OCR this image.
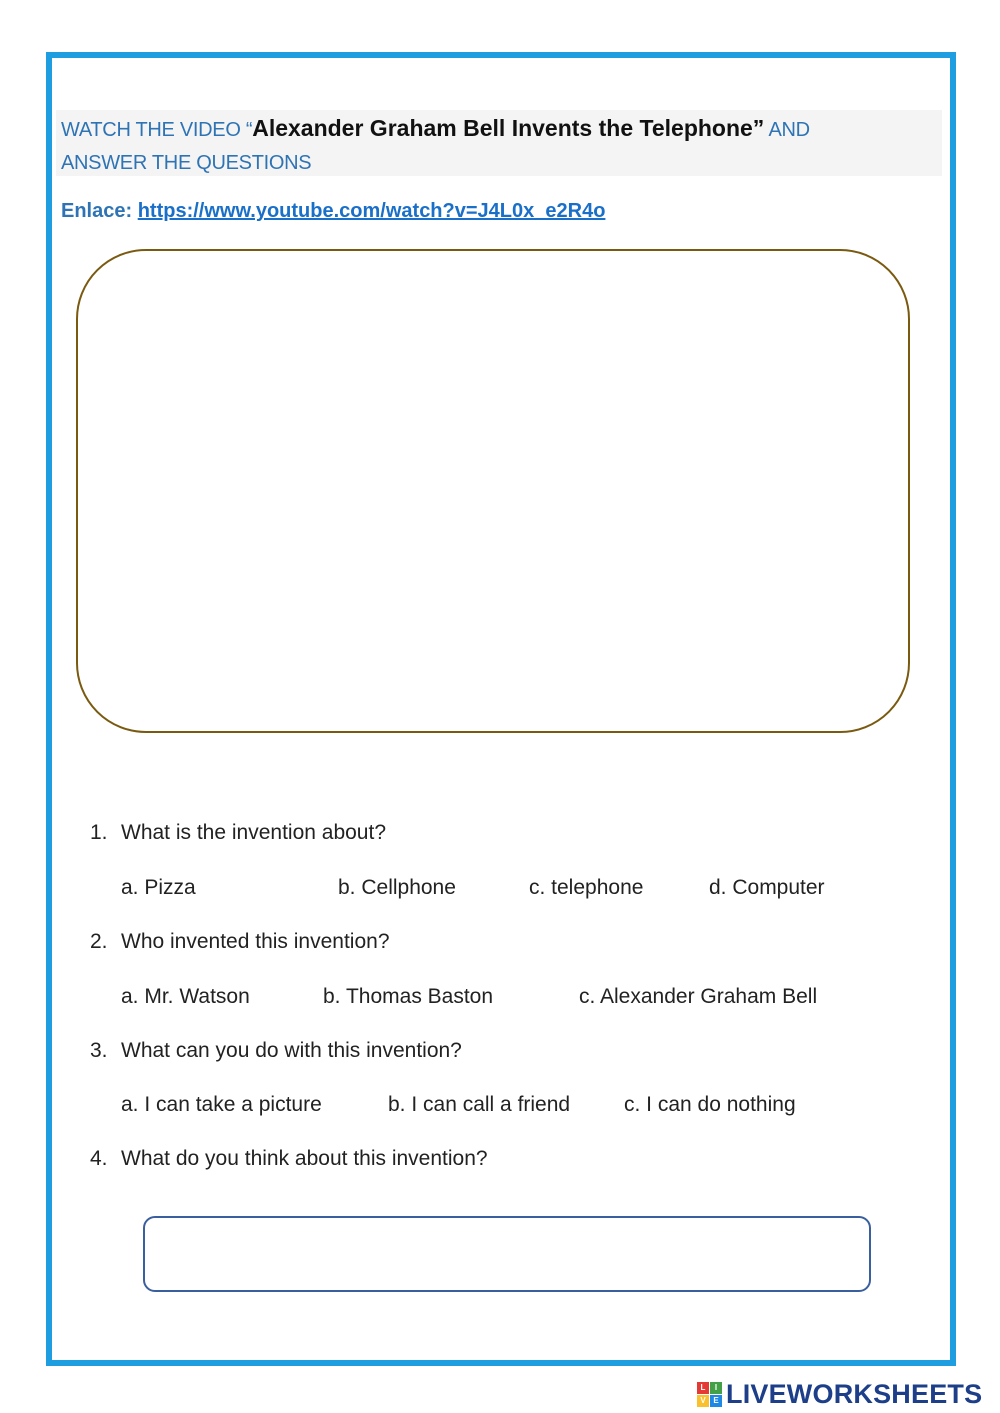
WATCH THE VIDEO “Alexander Graham Bell Invents the Telephone” AND
ANSWER THE QUESTIONS
Enlace: https://www.youtube.com/watch?v=J4L0x_e2R4o
1. What is the invention about?
a. Pizza	b. Cellphone	c. telephone	d. Computer
2. Who invented this invention?
a. Mr. Watson	b. Thomas Baston	c. Alexander Graham Bell
3. What can you do with this invention?
a. I can take a picture	b. I can call a friend	c. I can do nothing
4. What do you think about this invention?
L	I
V E LIVEWORKSHEETS
